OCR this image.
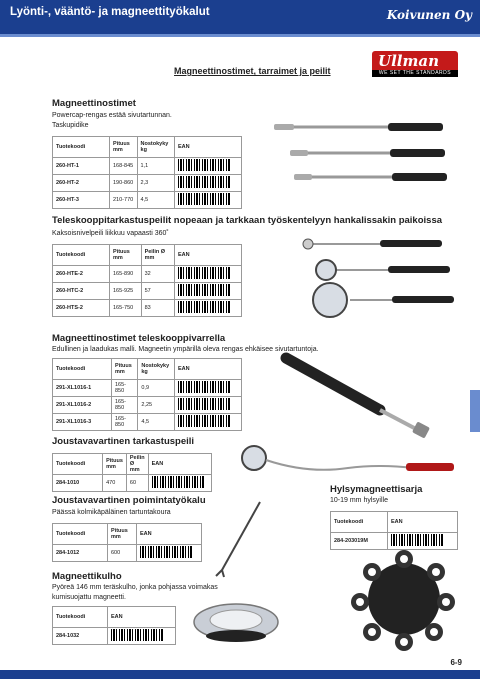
Lyönti-, vääntö- ja magneettityökalut	Koivunen Oy
Ullman
WE SET THE STANDARDS
Magneettinostimet, tarraimet ja peilit
Magneettinostimet
Powercap-rengas estää sivutartunnan.
Taskupidike
Tuotekoodi	Pituus mm	Nostokyky kg	EAN
260-HT-1	168-845	1,1	
260-HT-2	190-860	2,3	
260-HT-3	210-770	4,5	
Teleskooppitarkastuspeilit nopeaan ja tarkkaan työskentelyyn hankalissakin paikoissa
Kaksoisnivelpeili liikkuu vapaasti 360˚
Tuotekoodi	Pituus mm	Peilin Ø mm	EAN
260-HTE-2	165-890	32	
260-HTC-2	165-925	57	
260-HTS-2	165-750	83	
Magneettinostimet teleskooppivarrella
Edullinen ja laadukas malli. Magneetin ympärillä oleva rengas ehkäisee sivutartuntoja.
Tuotekoodi	Pituus mm	Nostokyky kg	EAN
291-XL1016-1	165-850	0,9	
291-XL1016-2	165-850	2,25	
291-XL1016-3	165-850	4,5	
Joustavavartinen tarkastuspeili
Tuotekoodi	Pituus mm	Peilin Ø mm	EAN
284-1010	470	60	
Hylsymagneettisarja
10-19 mm hylsyille
Tuotekoodi	EAN
284-203019M	
Joustavavartinen poimintatyökalu
Päässä kolmikäpäläinen tartuntakoura
Tuotekoodi	Pituus mm	EAN
284-1012	600	
Magneettikulho
Pyöreä 146 mm teräskulho, jonka pohjassa voimakas
kumisuojattu magneetti.
Tuotekoodi	EAN
284-1032	
6-9
